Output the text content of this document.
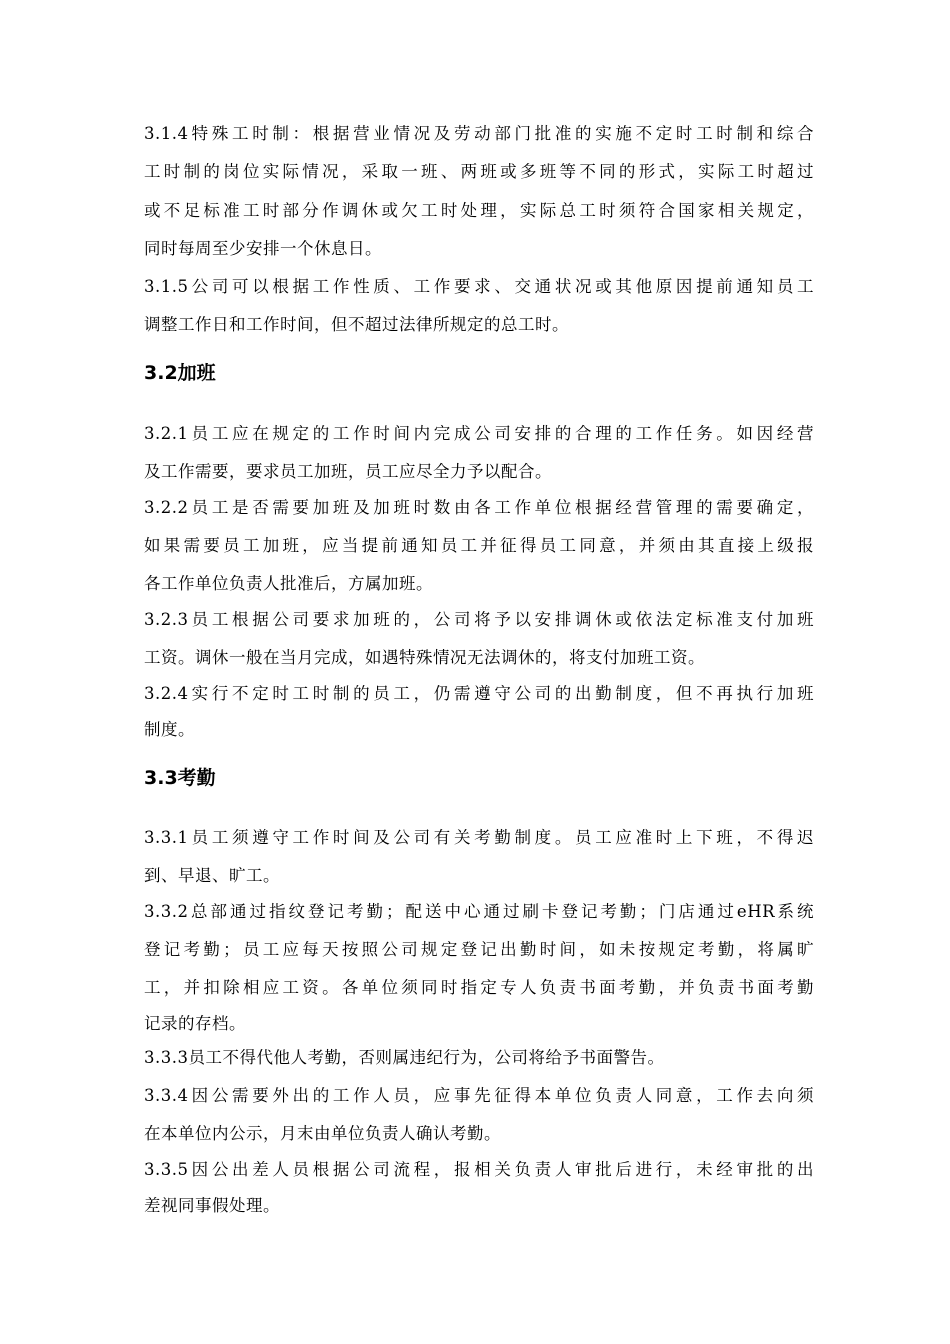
3.1.4特殊工时制：根据营业情况及劳动部门批准的实施不定时工时制和综合
工时制的岗位实际情况，采取一班、两班或多班等不同的形式，实际工时超过
或不足标准工时部分作调休或欠工时处理，实际总工时须符合国家相关规定，
同时每周至少安排一个休息日。
3.1.5公司可以根据工作性质、工作要求、交通状况或其他原因提前通知员工
调整工作日和工作时间，但不超过法律所规定的总工时。
3.2加班
3.2.1员工应在规定的工作时间内完成公司安排的合理的工作任务。如因经营
及工作需要，要求员工加班，员工应尽全力予以配合。
3.2.2员工是否需要加班及加班时数由各工作单位根据经营管理的需要确定，
如果需要员工加班，应当提前通知员工并征得员工同意，并须由其直接上级报
各工作单位负责人批准后，方属加班。
3.2.3员工根据公司要求加班的，公司将予以安排调休或依法定标准支付加班
工资。调休一般在当月完成，如遇特殊情况无法调休的，将支付加班工资。
3.2.4实行不定时工时制的员工，仍需遵守公司的出勤制度，但不再执行加班
制度。
3.3考勤
3.3.1员工须遵守工作时间及公司有关考勤制度。员工应准时上下班，不得迟
到、早退、旷工。
3.3.2总部通过指纹登记考勤；配送中心通过刷卡登记考勤；门店通过eHR系统
登记考勤；员工应每天按照公司规定登记出勤时间，如未按规定考勤，将属旷
工，并扣除相应工资。各单位须同时指定专人负责书面考勤，并负责书面考勤
记录的存档。
3.3.3员工不得代他人考勤，否则属违纪行为，公司将给予书面警告。
3.3.4因公需要外出的工作人员，应事先征得本单位负责人同意，工作去向须
在本单位内公示，月末由单位负责人确认考勤。
3.3.5因公出差人员根据公司流程，报相关负责人审批后进行，未经审批的出
差视同事假处理。
